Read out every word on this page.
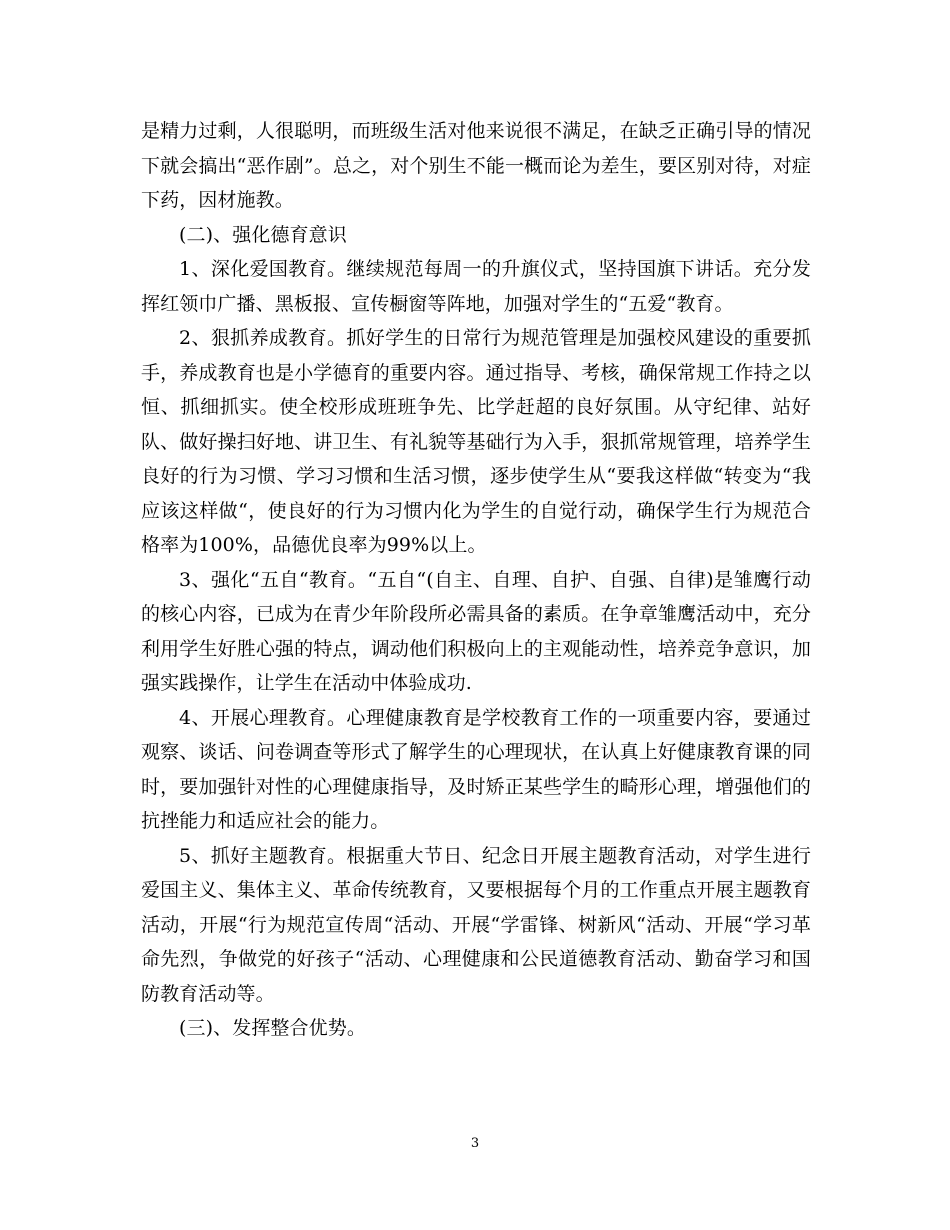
是精力过剩，人很聪明，而班级生活对他来说很不满足，在缺乏正确引导的情况下就会搞出“恶作剧”。总之，对个别生不能一概而论为差生，要区别对待，对症下药，因材施教。

(二)、强化德育意识

1、深化爱国教育。继续规范每周一的升旗仪式，坚持国旗下讲话。充分发挥红领巾广播、黑板报、宣传橱窗等阵地，加强对学生的“五爱“教育。

2、狠抓养成教育。抓好学生的日常行为规范管理是加强校风建设的重要抓手，养成教育也是小学德育的重要内容。通过指导、考核，确保常规工作持之以恒、抓细抓实。使全校形成班班争先、比学赶超的良好氛围。从守纪律、站好队、做好操扫好地、讲卫生、有礼貌等基础行为入手，狠抓常规管理，培养学生良好的行为习惯、学习习惯和生活习惯，逐步使学生从“要我这样做“转变为“我应该这样做“，使良好的行为习惯内化为学生的自觉行动，确保学生行为规范合格率为100%，品德优良率为99%以上。

3、强化“五自“教育。“五自“(自主、自理、自护、自强、自律)是雏鹰行动的核心内容，已成为在青少年阶段所必需具备的素质。在争章雏鹰活动中，充分利用学生好胜心强的特点，调动他们积极向上的主观能动性，培养竞争意识，加强实践操作，让学生在活动中体验成功.

4、开展心理教育。心理健康教育是学校教育工作的一项重要内容，要通过观察、谈话、问卷调查等形式了解学生的心理现状，在认真上好健康教育课的同时，要加强针对性的心理健康指导，及时矫正某些学生的畸形心理，增强他们的抗挫能力和适应社会的能力。

5、抓好主题教育。根据重大节日、纪念日开展主题教育活动，对学生进行爱国主义、集体主义、革命传统教育，又要根据每个月的工作重点开展主题教育活动，开展“行为规范宣传周“活动、开展“学雷锋、树新风“活动、开展“学习革命先烈，争做党的好孩子“活动、心理健康和公民道德教育活动、勤奋学习和国防教育活动等。

(三)、发挥整合优势。

3
